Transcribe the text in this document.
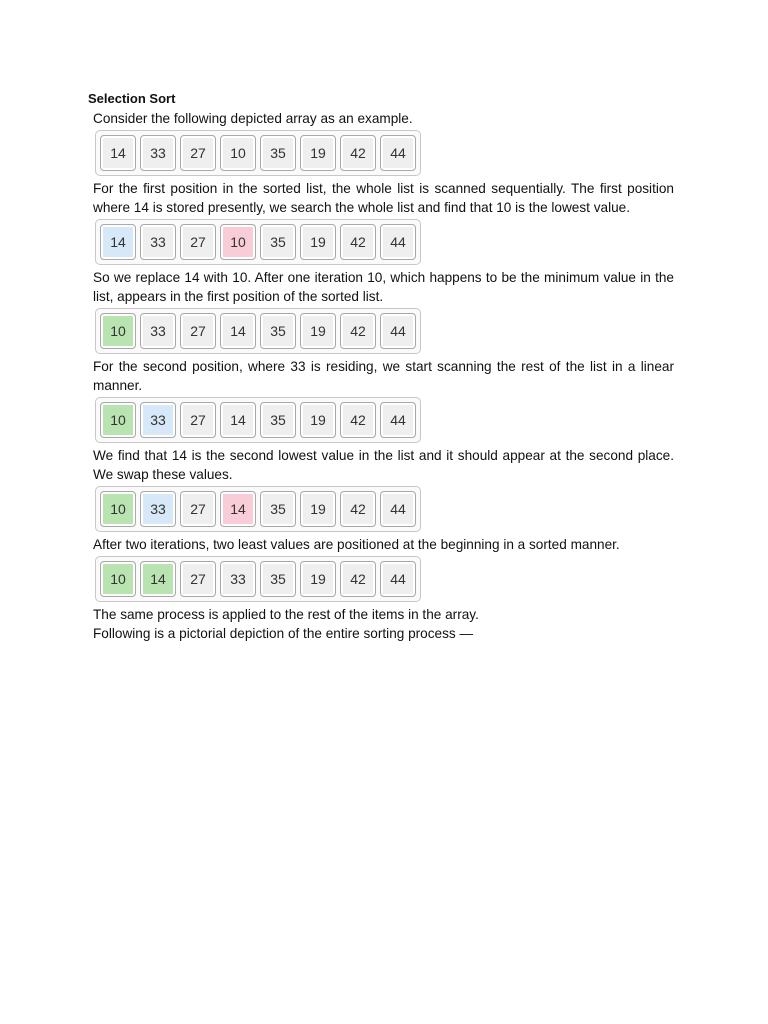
Selection Sort
Consider the following depicted array as an example.
14	33	27	10	35	19	42	44
For the first position in the sorted list, the whole list is scanned sequentially. The first position where 14 is stored presently, we search the whole list and find that 10 is the lowest value.
14	33	27	10	35	19	42	44
So we replace 14 with 10. After one iteration 10, which happens to be the minimum value in the list, appears in the first position of the sorted list.
10	33	27	14	35	19	42	44
For the second position, where 33 is residing, we start scanning the rest of the list in a linear manner.
10	33	27	14	35	19	42	44
We find that 14 is the second lowest value in the list and it should appear at the second place. We swap these values.
10	33	27	14	35	19	42	44
After two iterations, two least values are positioned at the beginning in a sorted manner.
10	14	27	33	35	19	42	44
The same process is applied to the rest of the items in the array.
Following is a pictorial depiction of the entire sorting process —
